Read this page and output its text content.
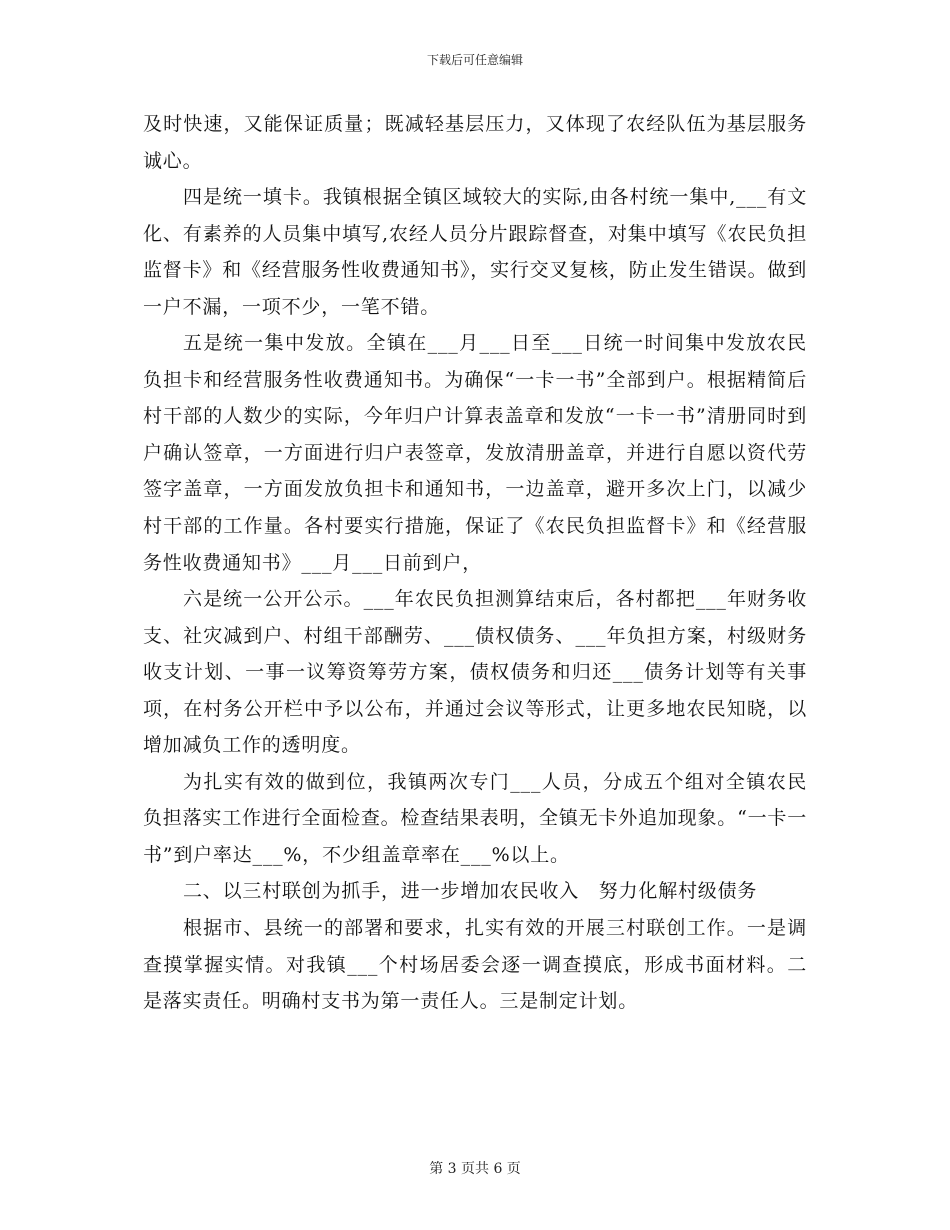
下载后可任意编辑

及时快速，又能保证质量；既减轻基层压力，又体现了农经队伍为基层服务诚心。

四是统一填卡。我镇根据全镇区域较大的实际,由各村统一集中,___有文化、有素养的人员集中填写,农经人员分片跟踪督查，对集中填写《农民负担监督卡》和《经营服务性收费通知书》，实行交叉复核，防止发生错误。做到一户不漏，一项不少，一笔不错。

五是统一集中发放。全镇在___月___日至___日统一时间集中发放农民负担卡和经营服务性收费通知书。为确保“一卡一书”全部到户。根据精简后村干部的人数少的实际，今年归户计算表盖章和发放“一卡一书”清册同时到户确认签章，一方面进行归户表签章，发放清册盖章，并进行自愿以资代劳签字盖章，一方面发放负担卡和通知书，一边盖章，避开多次上门，以减少村干部的工作量。各村要实行措施，保证了《农民负担监督卡》和《经营服务性收费通知书》___月___日前到户，

六是统一公开公示。___年农民负担测算结束后，各村都把___年财务收支、社灾减到户、村组干部酬劳、___债权债务、___年负担方案，村级财务收支计划、一事一议筹资筹劳方案，债权债务和归还___债务计划等有关事项，在村务公开栏中予以公布，并通过会议等形式，让更多地农民知晓，以增加减负工作的透明度。

为扎实有效的做到位，我镇两次专门___人员，分成五个组对全镇农民负担落实工作进行全面检查。检查结果表明，全镇无卡外追加现象。“一卡一书”到户率达___%，不少组盖章率在___%以上。

二、以三村联创为抓手，进一步增加农民收入　努力化解村级债务

根据市、县统一的部署和要求，扎实有效的开展三村联创工作。一是调查摸掌握实情。对我镇___个村场居委会逐一调查摸底，形成书面材料。二是落实责任。明确村支书为第一责任人。三是制定计划。

第 3 页共 6 页
